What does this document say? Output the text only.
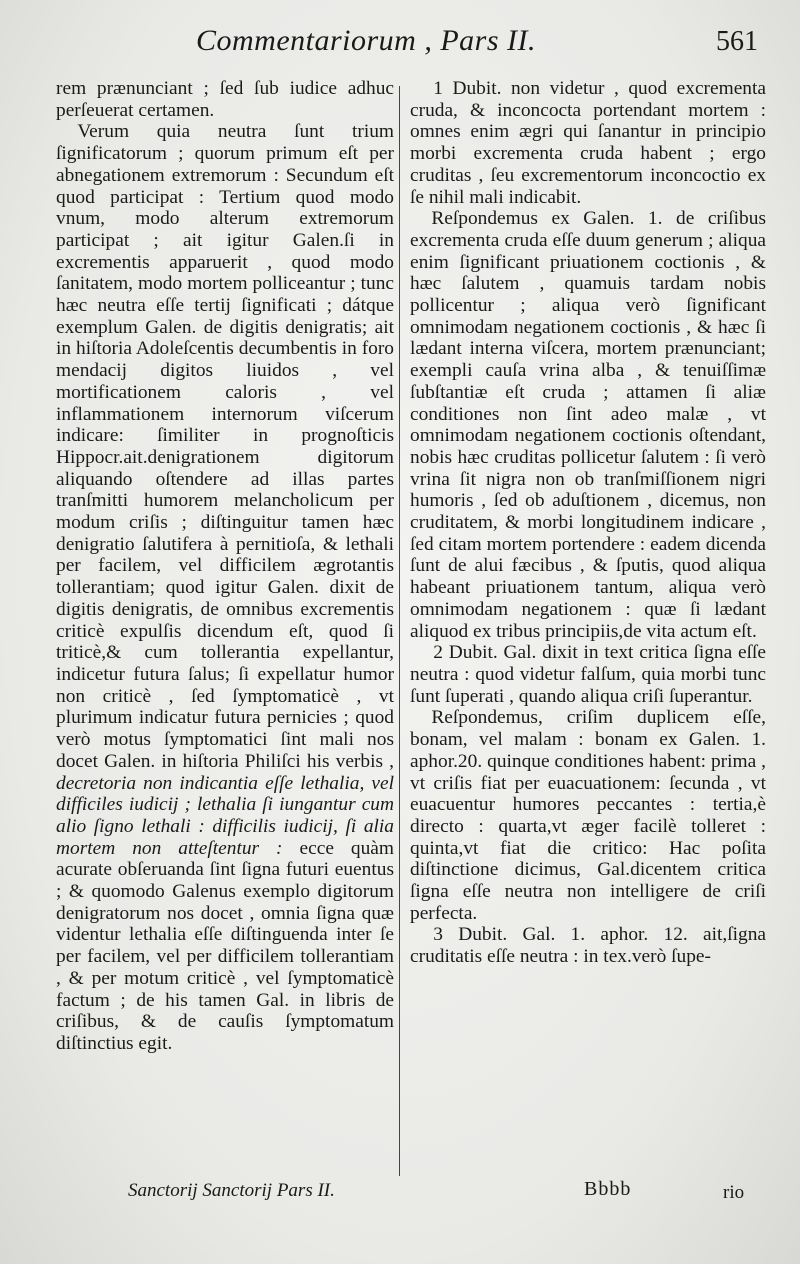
Commentariorum , Pars II.	561

rem prænunciant ; ſed ſub iudice adhuc perſeuerat certamen.

Verum quia neutra ſunt trium ſignificatorum ; quorum primum eſt per abnegationem extremorum : Secundum eſt quod participat : Tertium quod modo vnum, modo alterum extremorum participat ; ait igitur Galen.ſi in excrementis apparuerit , quod modo ſanitatem, modo mortem polliceantur ; tunc hæc neutra eſſe tertij ſignificati ; dátque exemplum Galen. de digitis denigratis; ait in hiſtoria Adoleſcentis decumbentis in foro mendacij digitos liuidos , vel mortificationem caloris , vel inflammationem internorum viſcerum indicare: ſimiliter in prognoſticis Hippocr.ait.denigrationem digitorum aliquando oſtendere ad illas partes tranſmitti humorem melancholicum per modum criſis ; diſtinguitur tamen hæc denigratio ſalutifera à pernitioſa, & lethali per facilem, vel difficilem ægrotantis tollerantiam; quod igitur Galen. dixit de digitis denigratis, de omnibus excrementis criticè expulſis dicendum eſt, quod ſi triticè,& cum tollerantia expellantur, indicetur futura ſalus; ſi expellatur humor non criticè , ſed ſymptomaticè , vt plurimum indicatur futura pernicies ; quod verò motus ſymptomatici ſint mali nos docet Galen. in hiſtoria Philiſci his verbis , decretoria non indicantia eſſe lethalia, vel difficiles iudicij ; lethalia ſi iungantur cum alio ſigno lethali : difficilis iudicij, ſi alia mortem non atteſtentur : ecce quàm acurate obſeruanda ſint ſigna futuri euentus ; & quomodo Galenus exemplo digitorum denigratorum nos docet , omnia ſigna quæ videntur lethalia eſſe diſtinguenda inter ſe per facilem, vel per difficilem tollerantiam , & per motum criticè , vel ſymptomaticè factum ; de his tamen Gal. in libris de criſibus, & de cauſis ſymptomatum diſtinctius egit.

1 Dubit. non videtur , quod excrementa cruda, & inconcocta portendant mortem : omnes enim ægri qui ſanantur in principio morbi excrementa cruda habent ; ergo cruditas , ſeu excrementorum inconcoctio ex ſe nihil mali indicabit.

Reſpondemus ex Galen. 1. de criſibus excrementa cruda eſſe duum generum ; aliqua enim ſignificant priuationem coctionis , & hæc ſalutem , quamuis tardam nobis pollicentur ; aliqua verò ſignificant omnimodam negationem coctionis , & hæc ſi lædant interna viſcera, mortem prænunciant; exempli cauſa vrina alba , & tenuiſſimæ ſubſtantiæ eſt cruda ; attamen ſi aliæ conditiones non ſint adeo malæ , vt omnimodam negationem coctionis oſtendant, nobis hæc cruditas pollicetur ſalutem : ſi verò vrina ſit nigra non ob tranſmiſſionem nigri humoris , ſed ob aduſtionem , dicemus, non cruditatem, & morbi longitudinem indicare , ſed citam mortem portendere : eadem dicenda ſunt de alui fæcibus , & ſputis, quod aliqua habeant priuationem tantum, aliqua verò omnimodam negationem : quæ ſi lædant aliquod ex tribus principiis,de vita actum eſt.

2 Dubit. Gal. dixit in text critica ſigna eſſe neutra : quod videtur falſum, quia morbi tunc ſunt ſuperati , quando aliqua criſi ſuperantur.

Reſpondemus, criſim duplicem eſſe, bonam, vel malam : bonam ex Galen. 1. aphor.20. quinque conditiones habent: prima , vt criſis fiat per euacuationem: ſecunda , vt euacuentur humores peccantes : tertia,è directo : quarta,vt æger facilè tolleret : quinta,vt fiat die critico: Hac poſita diſtinctione dicimus, Gal.dicentem critica ſigna eſſe neutra non intelligere de criſi perfecta.

3 Dubit. Gal. 1. aphor. 12. ait,ſigna cruditatis eſſe neutra : in tex.verò ſupe-

Sanctorij Sanctorij Pars II.	Bbbb	rio
